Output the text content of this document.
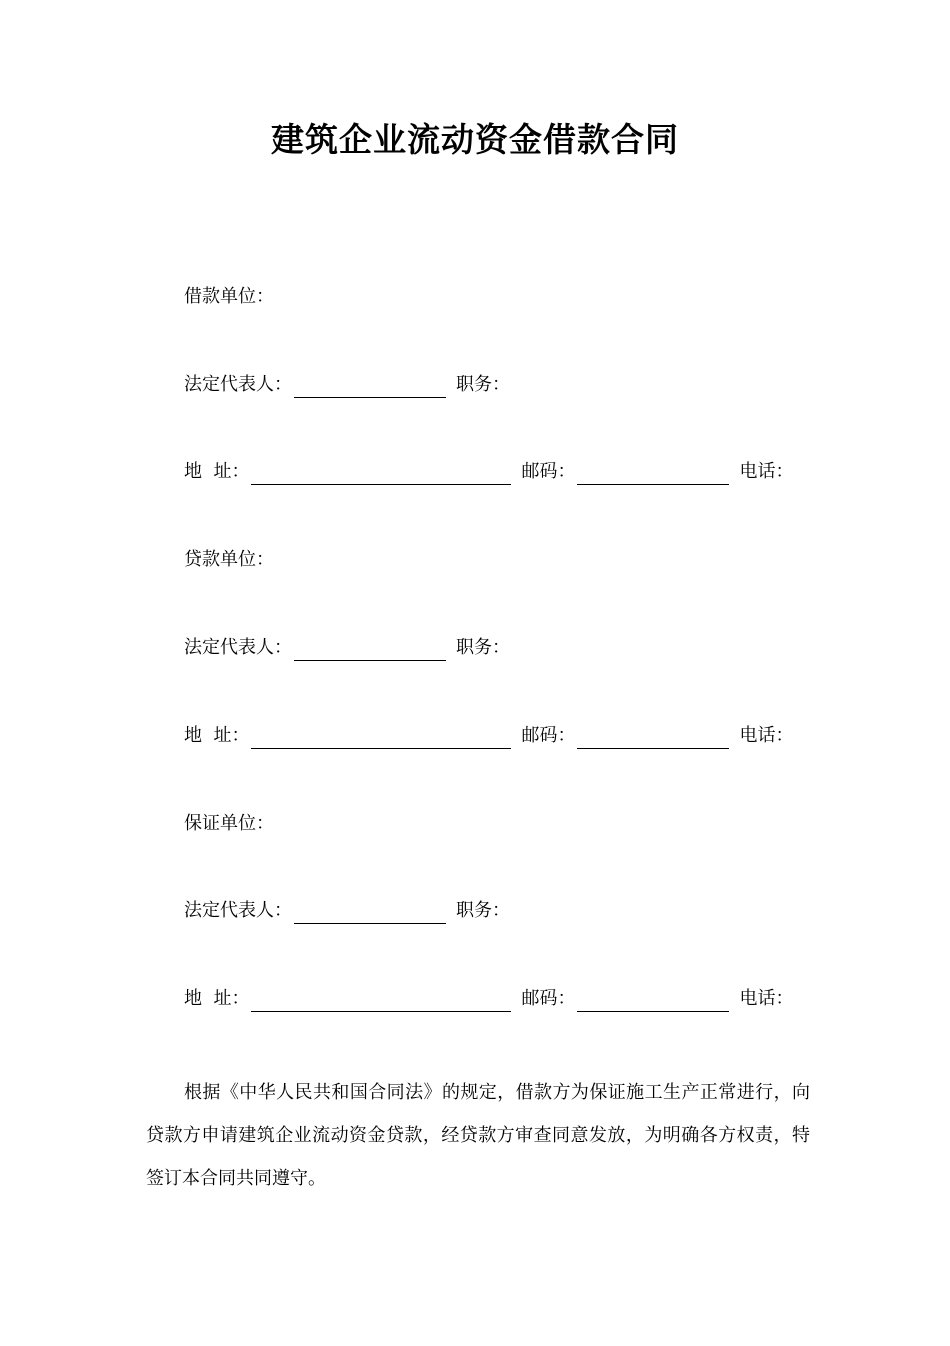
建筑企业流动资金借款合同
借款单位：
法定代表人：	职务：
地  址：	邮码：	电话：
贷款单位：
法定代表人：	职务：
地  址：	邮码：	电话：
保证单位：
法定代表人：	职务：
地  址：	邮码：	电话：

根据《中华人民共和国合同法》的规定，借款方为保证施工生产正常进行，向贷款方申请建筑企业流动资金贷款，经贷款方审查同意发放，为明确各方权责，特签订本合同共同遵守。
